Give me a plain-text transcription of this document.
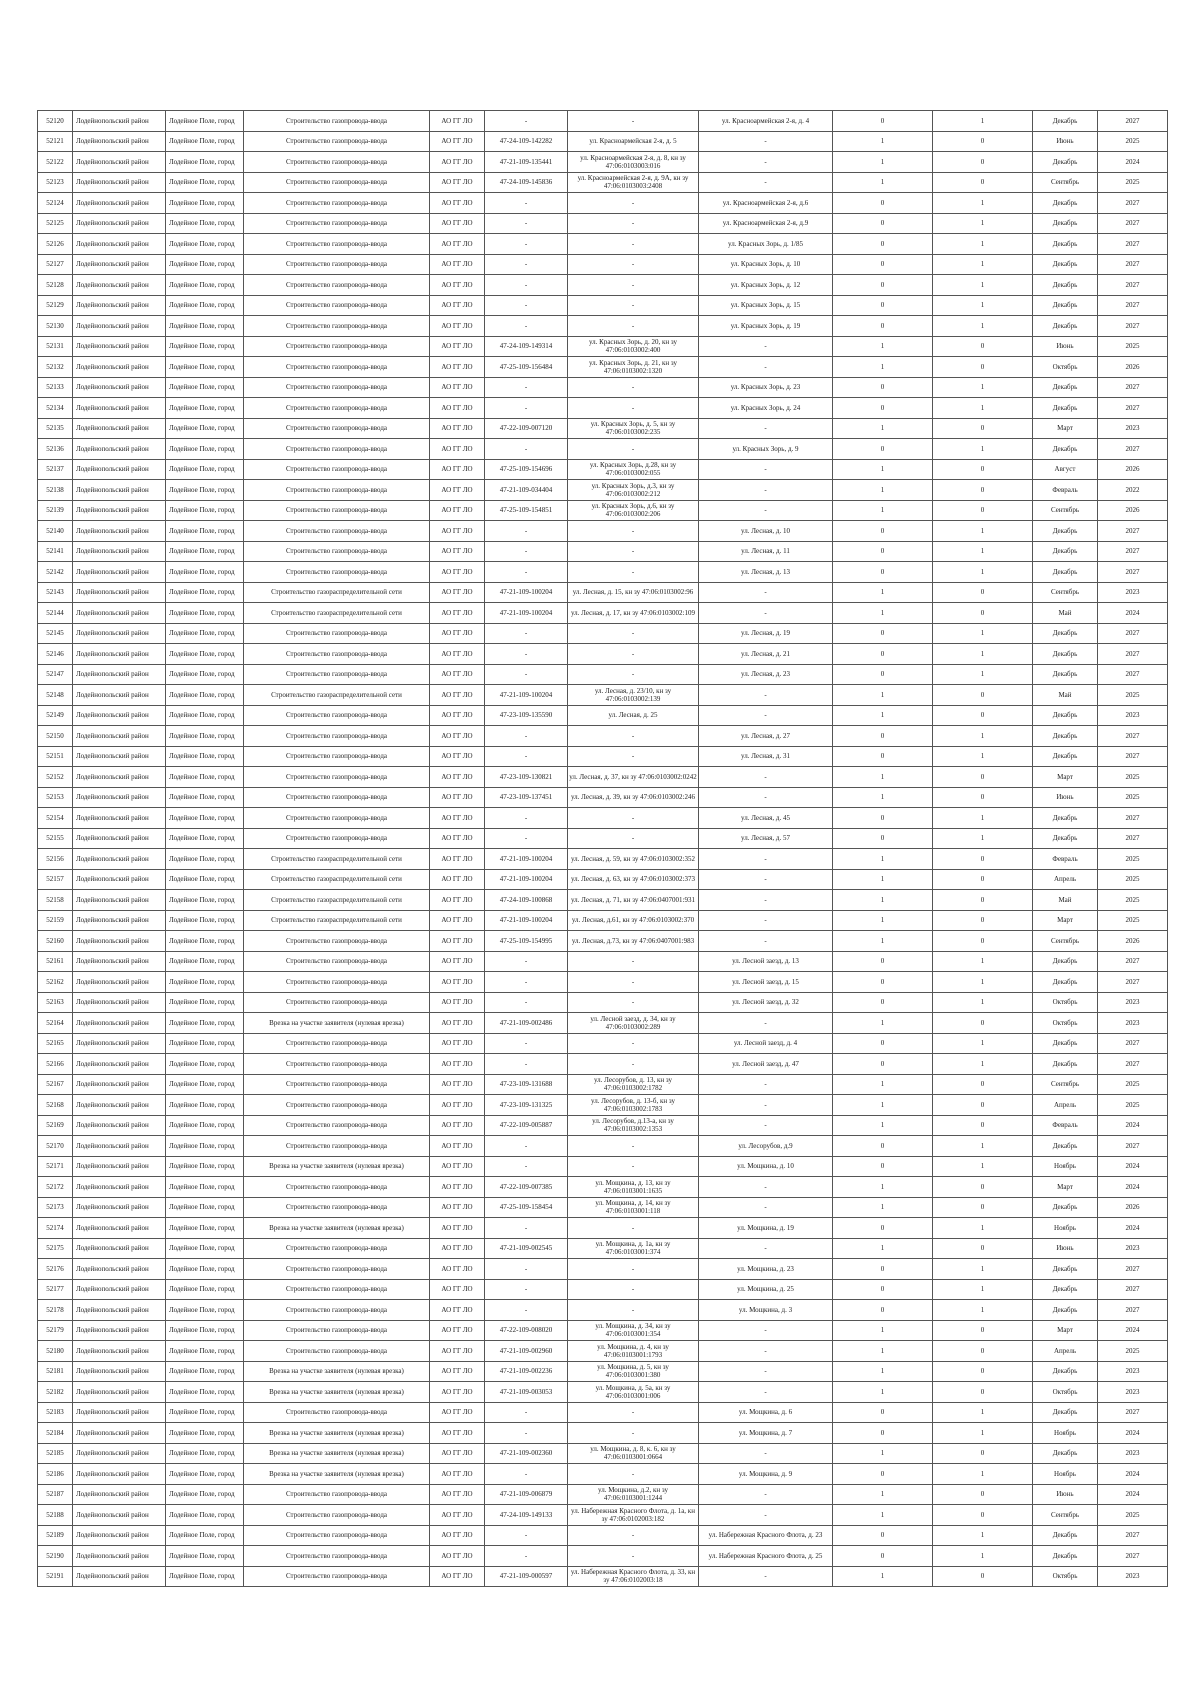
52120	Лодейнопольский район	Лодейное Поле, город	Строительство газопровода-ввода	АО ГГ ЛО	-	-	ул. Красноармейская 2-я, д. 4	0	1	Декабрь	2027
52121	Лодейнопольский район	Лодейное Поле, город	Строительство газопровода-ввода	АО ГГ ЛО	47-24-109-142282	ул. Красноармейская 2-я, д. 5	-	1	0	Июнь	2025
52122	Лодейнопольский район	Лодейное Поле, город	Строительство газопровода-ввода	АО ГГ ЛО	47-21-109-135441	ул. Красноармейская 2-я, д. 8, кн зу 47:06:0103003:016	-	1	0	Декабрь	2024
52123	Лодейнопольский район	Лодейное Поле, город	Строительство газопровода-ввода	АО ГГ ЛО	47-24-109-145836	ул. Красноармейская 2-я, д. 9А, кн зу 47:06:0103003:2408	-	1	0	Сентябрь	2025
52124	Лодейнопольский район	Лодейное Поле, город	Строительство газопровода-ввода	АО ГГ ЛО	-	-	ул. Красноармейская 2-я, д.6	0	1	Декабрь	2027
52125	Лодейнопольский район	Лодейное Поле, город	Строительство газопровода-ввода	АО ГГ ЛО	-	-	ул. Красноармейская 2-я, д.9	0	1	Декабрь	2027
52126	Лодейнопольский район	Лодейное Поле, город	Строительство газопровода-ввода	АО ГГ ЛО	-	-	ул. Красных Зорь, д. 1/85	0	1	Декабрь	2027
52127	Лодейнопольский район	Лодейное Поле, город	Строительство газопровода-ввода	АО ГГ ЛО	-	-	ул. Красных Зорь, д. 10	0	1	Декабрь	2027
52128	Лодейнопольский район	Лодейное Поле, город	Строительство газопровода-ввода	АО ГГ ЛО	-	-	ул. Красных Зорь, д. 12	0	1	Декабрь	2027
52129	Лодейнопольский район	Лодейное Поле, город	Строительство газопровода-ввода	АО ГГ ЛО	-	-	ул. Красных Зорь, д. 15	0	1	Декабрь	2027
52130	Лодейнопольский район	Лодейное Поле, город	Строительство газопровода-ввода	АО ГГ ЛО	-	-	ул. Красных Зорь, д. 19	0	1	Декабрь	2027
52131	Лодейнопольский район	Лодейное Поле, город	Строительство газопровода-ввода	АО ГГ ЛО	47-24-109-149314	ул. Красных Зорь, д. 20, кн зу 47:06:0103002:400	-	1	0	Июнь	2025
52132	Лодейнопольский район	Лодейное Поле, город	Строительство газопровода-ввода	АО ГГ ЛО	47-25-109-156484	ул. Красных Зорь, д. 21, кн зу 47:06:0103002:1320	-	1	0	Октябрь	2026
52133	Лодейнопольский район	Лодейное Поле, город	Строительство газопровода-ввода	АО ГГ ЛО	-	-	ул. Красных Зорь, д. 23	0	1	Декабрь	2027
52134	Лодейнопольский район	Лодейное Поле, город	Строительство газопровода-ввода	АО ГГ ЛО	-	-	ул. Красных Зорь, д. 24	0	1	Декабрь	2027
52135	Лодейнопольский район	Лодейное Поле, город	Строительство газопровода-ввода	АО ГГ ЛО	47-22-109-007120	ул. Красных Зорь, д. 5, кн зу 47:06:0103002:235	-	1	0	Март	2023
52136	Лодейнопольский район	Лодейное Поле, город	Строительство газопровода-ввода	АО ГГ ЛО	-	-	ул. Красных Зорь, д. 9	0	1	Декабрь	2027
52137	Лодейнопольский район	Лодейное Поле, город	Строительство газопровода-ввода	АО ГГ ЛО	47-25-109-154696	ул. Красных Зорь, д.28, кн зу 47:06:0103002:055	-	1	0	Август	2026
52138	Лодейнопольский район	Лодейное Поле, город	Строительство газопровода-ввода	АО ГГ ЛО	47-21-109-034404	ул. Красных Зорь, д.3, кн зу 47:06:0103002:212	-	1	0	Февраль	2022
52139	Лодейнопольский район	Лодейное Поле, город	Строительство газопровода-ввода	АО ГГ ЛО	47-25-109-154851	ул. Красных Зорь, д.6, кн зу 47:06:0103002:206	-	1	0	Сентябрь	2026
52140	Лодейнопольский район	Лодейное Поле, город	Строительство газопровода-ввода	АО ГГ ЛО	-	-	ул. Лесная, д. 10	0	1	Декабрь	2027
52141	Лодейнопольский район	Лодейное Поле, город	Строительство газопровода-ввода	АО ГГ ЛО	-	-	ул. Лесная, д. 11	0	1	Декабрь	2027
52142	Лодейнопольский район	Лодейное Поле, город	Строительство газопровода-ввода	АО ГГ ЛО	-	-	ул. Лесная, д. 13	0	1	Декабрь	2027
52143	Лодейнопольский район	Лодейное Поле, город	Строительство газораспределительной сети	АО ГГ ЛО	47-21-109-100204	ул. Лесная, д. 15, кн зу 47:06:0103002:96	-	1	0	Сентябрь	2023
52144	Лодейнопольский район	Лодейное Поле, город	Строительство газораспределительной сети	АО ГГ ЛО	47-21-109-100204	ул. Лесная, д. 17, кн зу 47:06:0103002:109	-	1	0	Май	2024
52145	Лодейнопольский район	Лодейное Поле, город	Строительство газопровода-ввода	АО ГГ ЛО	-	-	ул. Лесная, д. 19	0	1	Декабрь	2027
52146	Лодейнопольский район	Лодейное Поле, город	Строительство газопровода-ввода	АО ГГ ЛО	-	-	ул. Лесная, д. 21	0	1	Декабрь	2027
52147	Лодейнопольский район	Лодейное Поле, город	Строительство газопровода-ввода	АО ГГ ЛО	-	-	ул. Лесная, д. 23	0	1	Декабрь	2027
52148	Лодейнопольский район	Лодейное Поле, город	Строительство газораспределительной сети	АО ГГ ЛО	47-21-109-100204	ул. Лесная, д. 23/10, кн зу 47:06:0103002:139	-	1	0	Май	2025
52149	Лодейнопольский район	Лодейное Поле, город	Строительство газопровода-ввода	АО ГГ ЛО	47-23-109-135590	ул. Лесная, д. 25	-	1	0	Декабрь	2023
52150	Лодейнопольский район	Лодейное Поле, город	Строительство газопровода-ввода	АО ГГ ЛО	-	-	ул. Лесная, д. 27	0	1	Декабрь	2027
52151	Лодейнопольский район	Лодейное Поле, город	Строительство газопровода-ввода	АО ГГ ЛО	-	-	ул. Лесная, д. 31	0	1	Декабрь	2027
52152	Лодейнопольский район	Лодейное Поле, город	Строительство газопровода-ввода	АО ГГ ЛО	47-23-109-130821	ул. Лесная, д. 37, кн зу 47:06:0103002:0242	-	1	0	Март	2025
52153	Лодейнопольский район	Лодейное Поле, город	Строительство газопровода-ввода	АО ГГ ЛО	47-23-109-137451	ул. Лесная, д. 39, кн зу 47:06:0103002:246	-	1	0	Июнь	2025
52154	Лодейнопольский район	Лодейное Поле, город	Строительство газопровода-ввода	АО ГГ ЛО	-	-	ул. Лесная, д. 45	0	1	Декабрь	2027
52155	Лодейнопольский район	Лодейное Поле, город	Строительство газопровода-ввода	АО ГГ ЛО	-	-	ул. Лесная, д. 57	0	1	Декабрь	2027
52156	Лодейнопольский район	Лодейное Поле, город	Строительство газораспределительной сети	АО ГГ ЛО	47-21-109-100204	ул. Лесная, д. 59, кн зу 47:06:0103002:352	-	1	0	Февраль	2025
52157	Лодейнопольский район	Лодейное Поле, город	Строительство газораспределительной сети	АО ГГ ЛО	47-21-109-100204	ул. Лесная, д. 63, кн зу 47:06:0103002:373	-	1	0	Апрель	2025
52158	Лодейнопольский район	Лодейное Поле, город	Строительство газораспределительной сети	АО ГГ ЛО	47-24-109-100868	ул. Лесная, д. 71, кн зу 47:06:0407001:931	-	1	0	Май	2025
52159	Лодейнопольский район	Лодейное Поле, город	Строительство газораспределительной сети	АО ГГ ЛО	47-21-109-100204	ул. Лесная, д.61, кн зу 47:06:0103002:370	-	1	0	Март	2025
52160	Лодейнопольский район	Лодейное Поле, город	Строительство газопровода-ввода	АО ГГ ЛО	47-25-109-154995	ул. Лесная, д.73, кн зу 47:06:0407001:983	-	1	0	Сентябрь	2026
52161	Лодейнопольский район	Лодейное Поле, город	Строительство газопровода-ввода	АО ГГ ЛО	-	-	ул. Лесной заезд, д. 13	0	1	Декабрь	2027
52162	Лодейнопольский район	Лодейное Поле, город	Строительство газопровода-ввода	АО ГГ ЛО	-	-	ул. Лесной заезд, д. 15	0	1	Декабрь	2027
52163	Лодейнопольский район	Лодейное Поле, город	Строительство газопровода-ввода	АО ГГ ЛО	-	-	ул. Лесной заезд, д. 32	0	1	Октябрь	2023
52164	Лодейнопольский район	Лодейное Поле, город	Врезка на участке заявителя (нулевая врезка)	АО ГГ ЛО	47-21-109-002486	ул. Лесной заезд, д. 34, кн зу 47:06:0103002:289	-	1	0	Октябрь	2023
52165	Лодейнопольский район	Лодейное Поле, город	Строительство газопровода-ввода	АО ГГ ЛО	-	-	ул. Лесной заезд, д. 4	0	1	Декабрь	2027
52166	Лодейнопольский район	Лодейное Поле, город	Строительство газопровода-ввода	АО ГГ ЛО	-	-	ул. Лесной заезд, д. 47	0	1	Декабрь	2027
52167	Лодейнопольский район	Лодейное Поле, город	Строительство газопровода-ввода	АО ГГ ЛО	47-23-109-131688	ул. Лесорубов, д. 13, кн зу 47:06:0103002:1782	-	1	0	Сентябрь	2025
52168	Лодейнопольский район	Лодейное Поле, город	Строительство газопровода-ввода	АО ГГ ЛО	47-23-109-131325	ул. Лесорубов, д. 13-б, кн зу 47:06:0103002:1783	-	1	0	Апрель	2025
52169	Лодейнопольский район	Лодейное Поле, город	Строительство газопровода-ввода	АО ГГ ЛО	47-22-109-005887	ул. Лесорубов, д.13-а, кн зу 47:06:0103002:1353	-	1	0	Февраль	2024
52170	Лодейнопольский район	Лодейное Поле, город	Строительство газопровода-ввода	АО ГГ ЛО	-	-	ул. Лесорубов, д.9	0	1	Декабрь	2027
52171	Лодейнопольский район	Лодейное Поле, город	Врезка на участке заявителя (нулевая врезка)	АО ГГ ЛО	-	-	ул. Мощкина, д. 10	0	1	Ноябрь	2024
52172	Лодейнопольский район	Лодейное Поле, город	Строительство газопровода-ввода	АО ГГ ЛО	47-22-109-007385	ул. Мощкина, д. 13, кн зу 47:06:0103001:1635	-	1	0	Март	2024
52173	Лодейнопольский район	Лодейное Поле, город	Строительство газопровода-ввода	АО ГГ ЛО	47-25-109-158454	ул. Мощкина, д. 14, кн зу 47:06:0103001:118	-	1	0	Декабрь	2026
52174	Лодейнопольский район	Лодейное Поле, город	Врезка на участке заявителя (нулевая врезка)	АО ГГ ЛО	-	-	ул. Мощкина, д. 19	0	1	Ноябрь	2024
52175	Лодейнопольский район	Лодейное Поле, город	Строительство газопровода-ввода	АО ГГ ЛО	47-21-109-002545	ул. Мощкина, д. 1а, кн зу 47:06:0103001:374	-	1	0	Июнь	2023
52176	Лодейнопольский район	Лодейное Поле, город	Строительство газопровода-ввода	АО ГГ ЛО	-	-	ул. Мощкина, д. 23	0	1	Декабрь	2027
52177	Лодейнопольский район	Лодейное Поле, город	Строительство газопровода-ввода	АО ГГ ЛО	-	-	ул. Мощкина, д. 25	0	1	Декабрь	2027
52178	Лодейнопольский район	Лодейное Поле, город	Строительство газопровода-ввода	АО ГГ ЛО	-	-	ул. Мощкина, д. 3	0	1	Декабрь	2027
52179	Лодейнопольский район	Лодейное Поле, город	Строительство газопровода-ввода	АО ГГ ЛО	47-22-109-008020	ул. Мощкина, д. 34, кн зу 47:06:0103001:354	-	1	0	Март	2024
52180	Лодейнопольский район	Лодейное Поле, город	Строительство газопровода-ввода	АО ГГ ЛО	47-21-109-002960	ул. Мощкина, д. 4, кн зу 47:06:0103001:1793	-	1	0	Апрель	2025
52181	Лодейнопольский район	Лодейное Поле, город	Врезка на участке заявителя (нулевая врезка)	АО ГГ ЛО	47-21-109-002236	ул. Мощкина, д. 5, кн зу 47:06:0103001:380	-	1	0	Декабрь	2023
52182	Лодейнопольский район	Лодейное Поле, город	Врезка на участке заявителя (нулевая врезка)	АО ГГ ЛО	47-21-109-003053	ул. Мощкина, д. 5а, кн зу 47:06:0103001:006	-	1	0	Октябрь	2023
52183	Лодейнопольский район	Лодейное Поле, город	Строительство газопровода-ввода	АО ГГ ЛО	-	-	ул. Мощкина, д. 6	0	1	Декабрь	2027
52184	Лодейнопольский район	Лодейное Поле, город	Врезка на участке заявителя (нулевая врезка)	АО ГГ ЛО	-	-	ул. Мощкина, д. 7	0	1	Ноябрь	2024
52185	Лодейнопольский район	Лодейное Поле, город	Врезка на участке заявителя (нулевая врезка)	АО ГГ ЛО	47-21-109-002360	ул. Мощкина, д. 8, к. 6, кн зу 47:06:0103001:0664	-	1	0	Декабрь	2023
52186	Лодейнопольский район	Лодейное Поле, город	Врезка на участке заявителя (нулевая врезка)	АО ГГ ЛО	-	-	ул. Мощкина, д. 9	0	1	Ноябрь	2024
52187	Лодейнопольский район	Лодейное Поле, город	Строительство газопровода-ввода	АО ГГ ЛО	47-21-109-006879	ул. Мощкина, д.2, кн зу 47:06:0103001:1244	-	1	0	Июнь	2024
52188	Лодейнопольский район	Лодейное Поле, город	Строительство газопровода-ввода	АО ГГ ЛО	47-24-109-149133	ул. Набережная Красного Флота, д. 1а, кн зу 47:06:0102003:182	-	1	0	Сентябрь	2025
52189	Лодейнопольский район	Лодейное Поле, город	Строительство газопровода-ввода	АО ГГ ЛО	-	-	ул. Набережная Красного Флота, д. 23	0	1	Декабрь	2027
52190	Лодейнопольский район	Лодейное Поле, город	Строительство газопровода-ввода	АО ГГ ЛО	-	-	ул. Набережная Красного Флота, д. 25	0	1	Декабрь	2027
52191	Лодейнопольский район	Лодейное Поле, город	Строительство газопровода-ввода	АО ГГ ЛО	47-21-109-000597	ул. Набережная Красного Флота, д. 33, кн зу 47:06:0102003:18	-	1	0	Октябрь	2023
